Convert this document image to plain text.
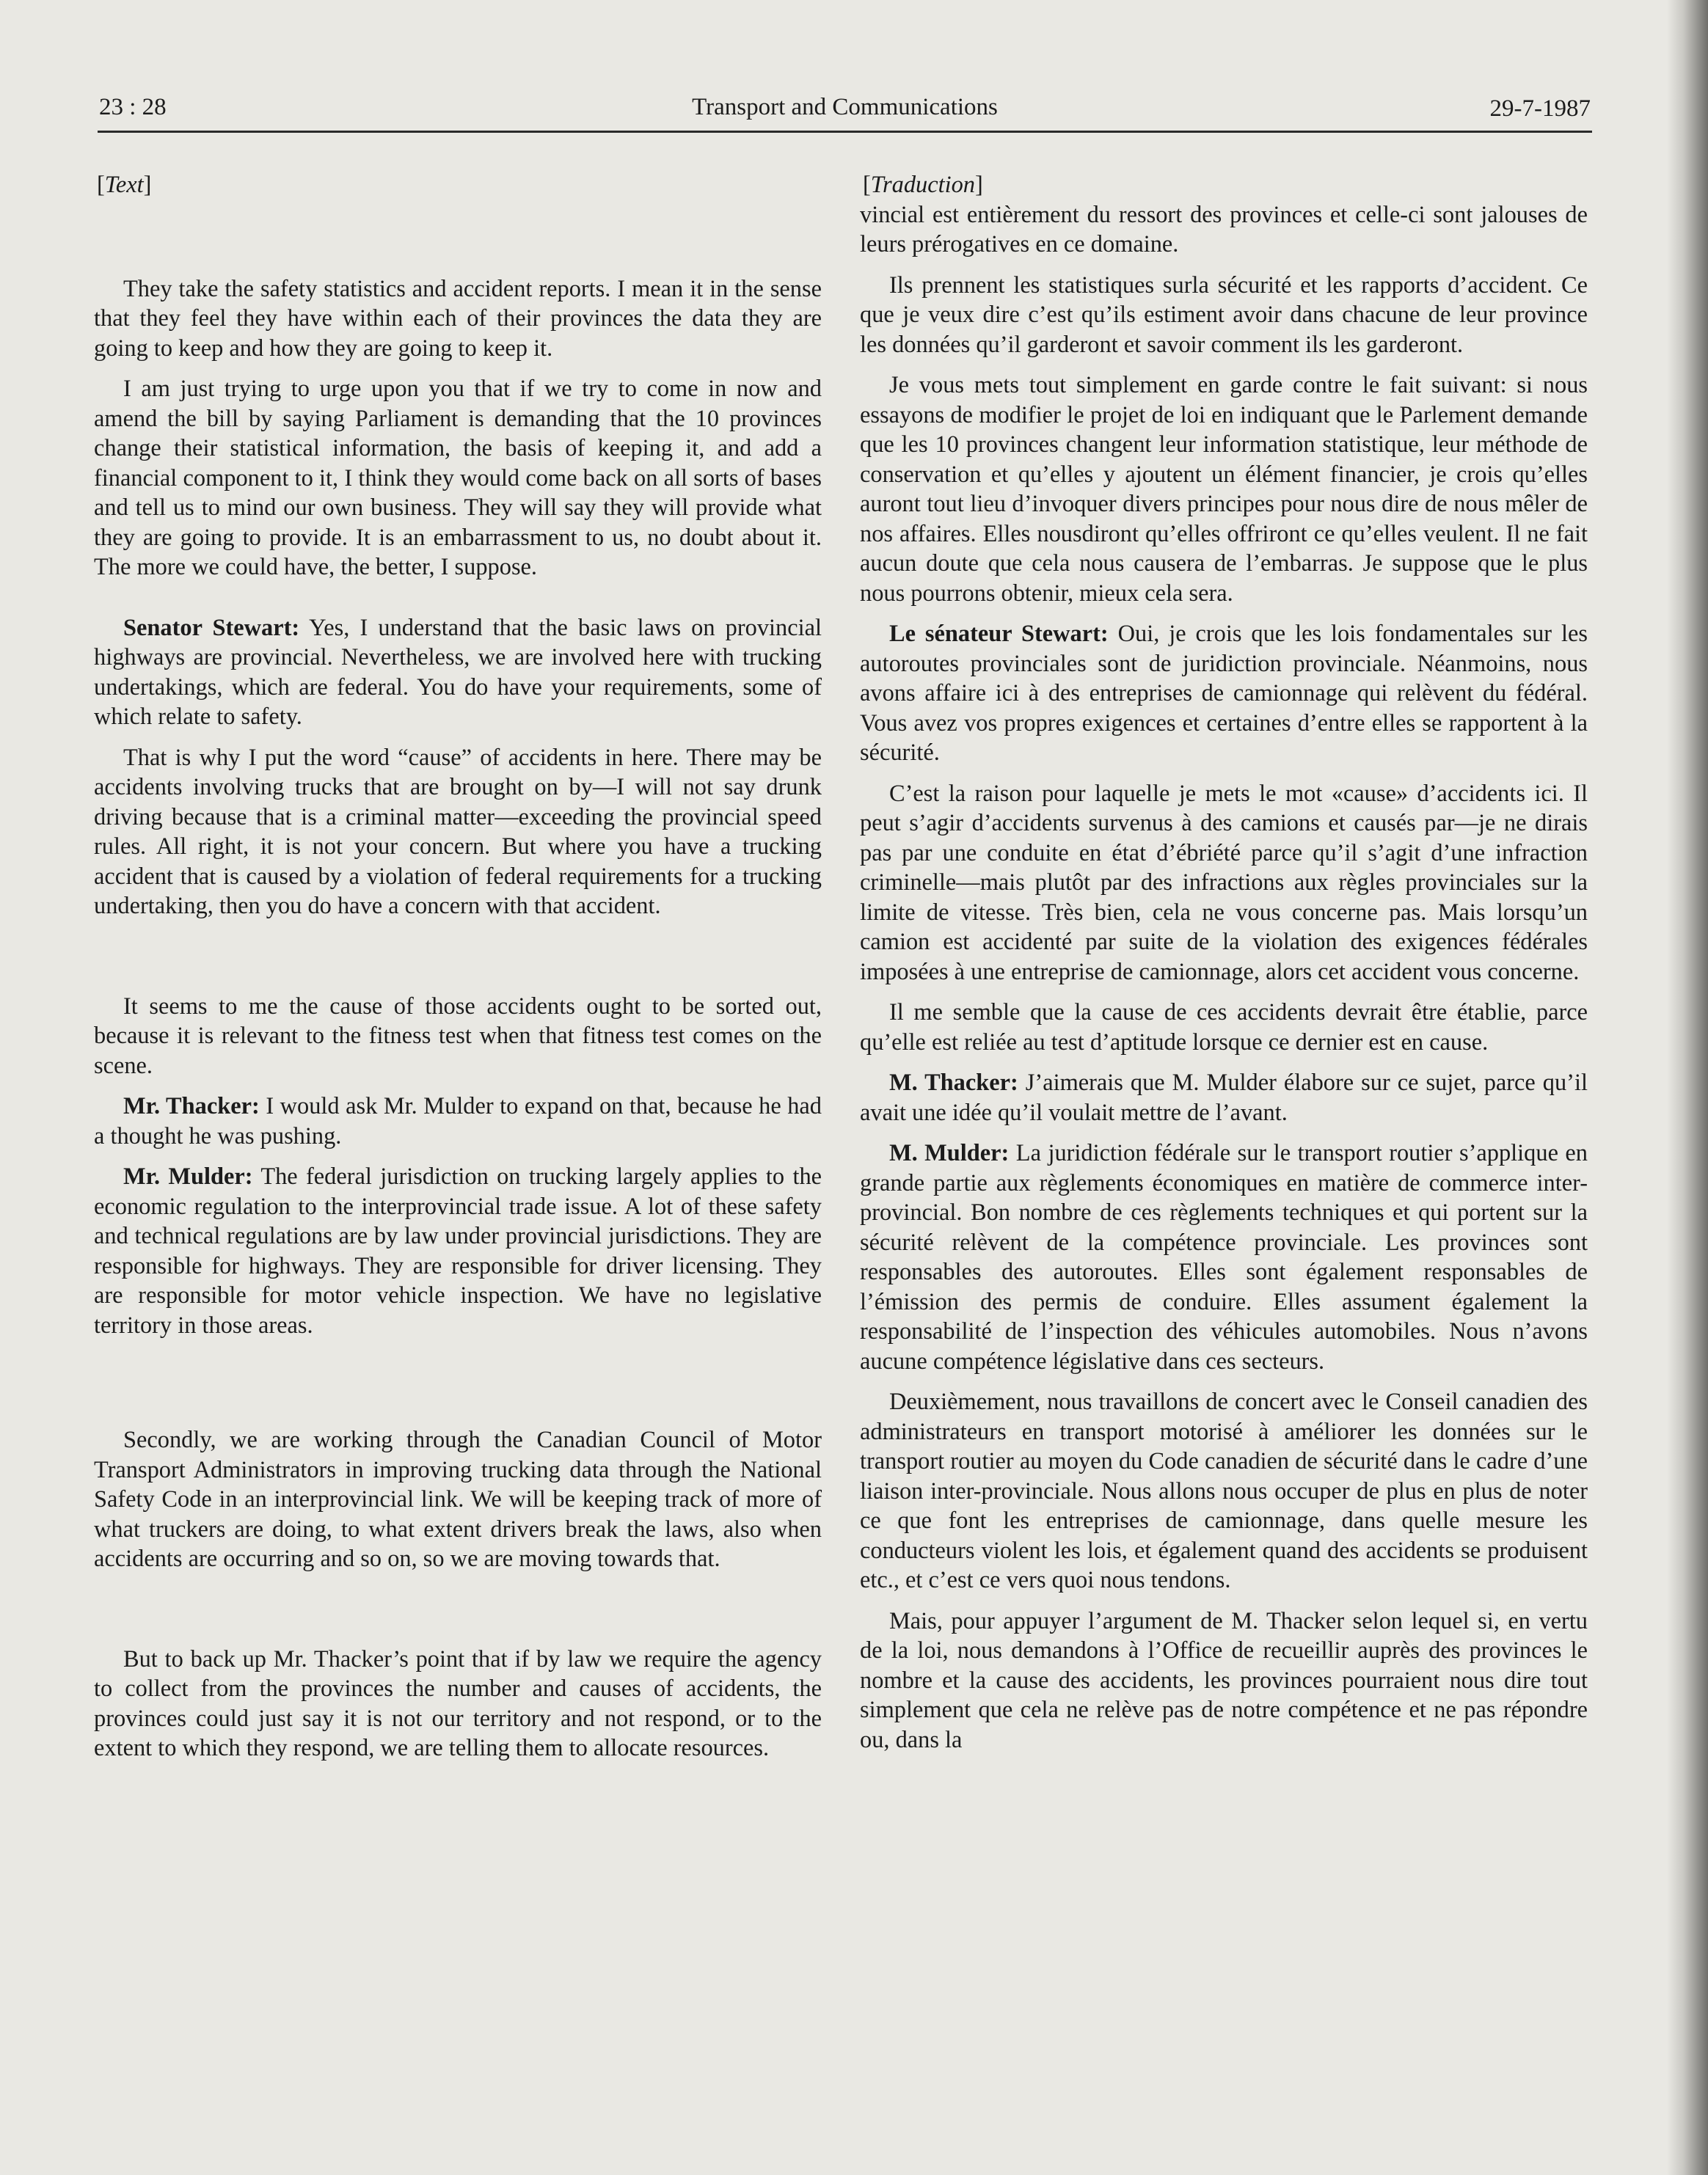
23 : 28	Transport and Communications	29-7-1987
[Text]

They take the safety statistics and accident reports. I mean it in the sense that they feel they have within each of their provinces the data they are going to keep and how they are going to keep it.

I am just trying to urge upon you that if we try to come in now and amend the bill by saying Parliament is demanding that the 10 provinces change their statistical information, the basis of keeping it, and add a financial component to it, I think they would come back on all sorts of bases and tell us to mind our own business. They will say they will provide what they are going to provide. It is an embarrassment to us, no doubt about it. The more we could have, the better, I suppose.

Senator Stewart: Yes, I understand that the basic laws on provincial highways are provincial. Nevertheless, we are involved here with trucking undertakings, which are federal. You do have your requirements, some of which relate to safety.

That is why I put the word “cause” of accidents in here. There may be accidents involving trucks that are brought on by—I will not say drunk driving because that is a criminal matter—exceeding the provincial speed rules. All right, it is not your concern. But where you have a trucking accident that is caused by a violation of federal requirements for a trucking undertaking, then you do have a concern with that accident.

It seems to me the cause of those accidents ought to be sorted out, because it is relevant to the fitness test when that fitness test comes on the scene.

Mr. Thacker: I would ask Mr. Mulder to expand on that, because he had a thought he was pushing.

Mr. Mulder: The federal jurisdiction on trucking largely applies to the economic regulation to the interprovincial trade issue. A lot of these safety and technical regulations are by law under provincial jurisdictions. They are responsible for highways. They are responsible for driver licensing. They are responsible for motor vehicle inspection. We have no legislative territory in those areas.

Secondly, we are working through the Canadian Council of Motor Transport Administrators in improving trucking data through the National Safety Code in an interprovincial link. We will be keeping track of more of what truckers are doing, to what extent drivers break the laws, also when accidents are occurring and so on, so we are moving towards that.

But to back up Mr. Thacker’s point that if by law we require the agency to collect from the provinces the number and causes of accidents, the provinces could just say it is not our territory and not respond, or to the extent to which they respond, we are telling them to allocate resources.

[Traduction]

vincial est entièrement du ressort des provinces et celle-ci sont jalouses de leurs prérogatives en ce domaine.

Ils prennent les statistiques surla sécurité et les rapports d’accident. Ce que je veux dire c’est qu’ils estiment avoir dans chacune de leur province les données qu’il garderont et savoir comment ils les garderont.

Je vous mets tout simplement en garde contre le fait suivant: si nous essayons de modifier le projet de loi en indiquant que le Parlement demande que les 10 provinces changent leur information statistique, leur méthode de conservation et qu’elles y ajoutent un élément financier, je crois qu’elles auront tout lieu d’invoquer divers principes pour nous dire de nous mêler de nos affaires. Elles nousdiront qu’elles offriront ce qu’elles veulent. Il ne fait aucun doute que cela nous causera de l’embarras. Je suppose que le plus nous pourrons obtenir, mieux cela sera.

Le sénateur Stewart: Oui, je crois que les lois fondamentales sur les autoroutes provinciales sont de juridiction provinciale. Néanmoins, nous avons affaire ici à des entreprises de camionnage qui relèvent du fédéral. Vous avez vos propres exigences et certaines d’entre elles se rapportent à la sécurité.

C’est la raison pour laquelle je mets le mot «cause» d’accidents ici. Il peut s’agir d’accidents survenus à des camions et causés par—je ne dirais pas par une conduite en état d’ébriété parce qu’il s’agit d’une infraction criminelle—mais plutôt par des infractions aux règles provinciales sur la limite de vitesse. Très bien, cela ne vous concerne pas. Mais lorsqu’un camion est accidenté par suite de la violation des exigences fédérales imposées à une entreprise de camionnage, alors cet accident vous concerne.

Il me semble que la cause de ces accidents devrait être établie, parce qu’elle est reliée au test d’aptitude lorsque ce dernier est en cause.

M. Thacker: J’aimerais que M. Mulder élabore sur ce sujet, parce qu’il avait une idée qu’il voulait mettre de l’avant.

M. Mulder: La juridiction fédérale sur le transport routier s’applique en grande partie aux règlements économiques en matière de commerce inter-provincial. Bon nombre de ces règlements techniques et qui portent sur la sécurité relèvent de la compétence provinciale. Les provinces sont responsables des autoroutes. Elles sont également responsables de l’émission des permis de conduire. Elles assument également la responsabilité de l’inspection des véhicules automobiles. Nous n’avons aucune compétence législative dans ces secteurs.

Deuxièmement, nous travaillons de concert avec le Conseil canadien des administrateurs en transport motorisé à améliorer les données sur le transport routier au moyen du Code canadien de sécurité dans le cadre d’une liaison inter-provinciale. Nous allons nous occuper de plus en plus de noter ce que font les entreprises de camionnage, dans quelle mesure les conducteurs violent les lois, et également quand des accidents se produisent etc., et c’est ce vers quoi nous tendons.

Mais, pour appuyer l’argument de M. Thacker selon lequel si, en vertu de la loi, nous demandons à l’Office de recueillir auprès des provinces le nombre et la cause des accidents, les provinces pourraient nous dire tout simplement que cela ne relève pas de notre compétence et ne pas répondre ou, dans la
